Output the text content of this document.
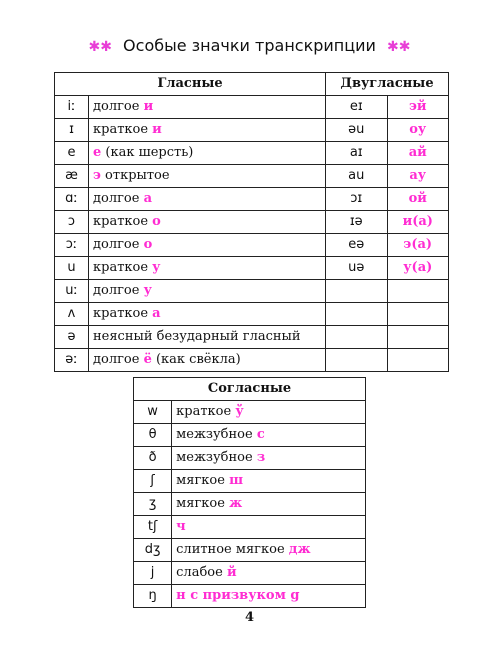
✱✱ Особые значки транскрипции ✱✱
Гласные		Двугласные	
iː	долгое и	eɪ	эй
ɪ	краткое и	əu	оу
e	е (как шерсть)	aɪ	ай
æ	э открытое	au	ау
ɑː	долгое а	ɔɪ	ой
ɔ	краткое о	ɪə	и(а)
ɔː	долгое о	eə	э(а)
u	краткое у	uə	у(а)
uː	долгое у		
ʌ	краткое а		
ə	неясный безударный гласный		
əː	долгое ё (как свёкла)		
Согласные	
w	краткое ў
θ	межзубное с
ð	межзубное з
ʃ	мягкое ш
ʒ	мягкое ж
tʃ	ч
dʒ	слитное мягкое дж
j	слабое й
ŋ	н с призвуком g
4
